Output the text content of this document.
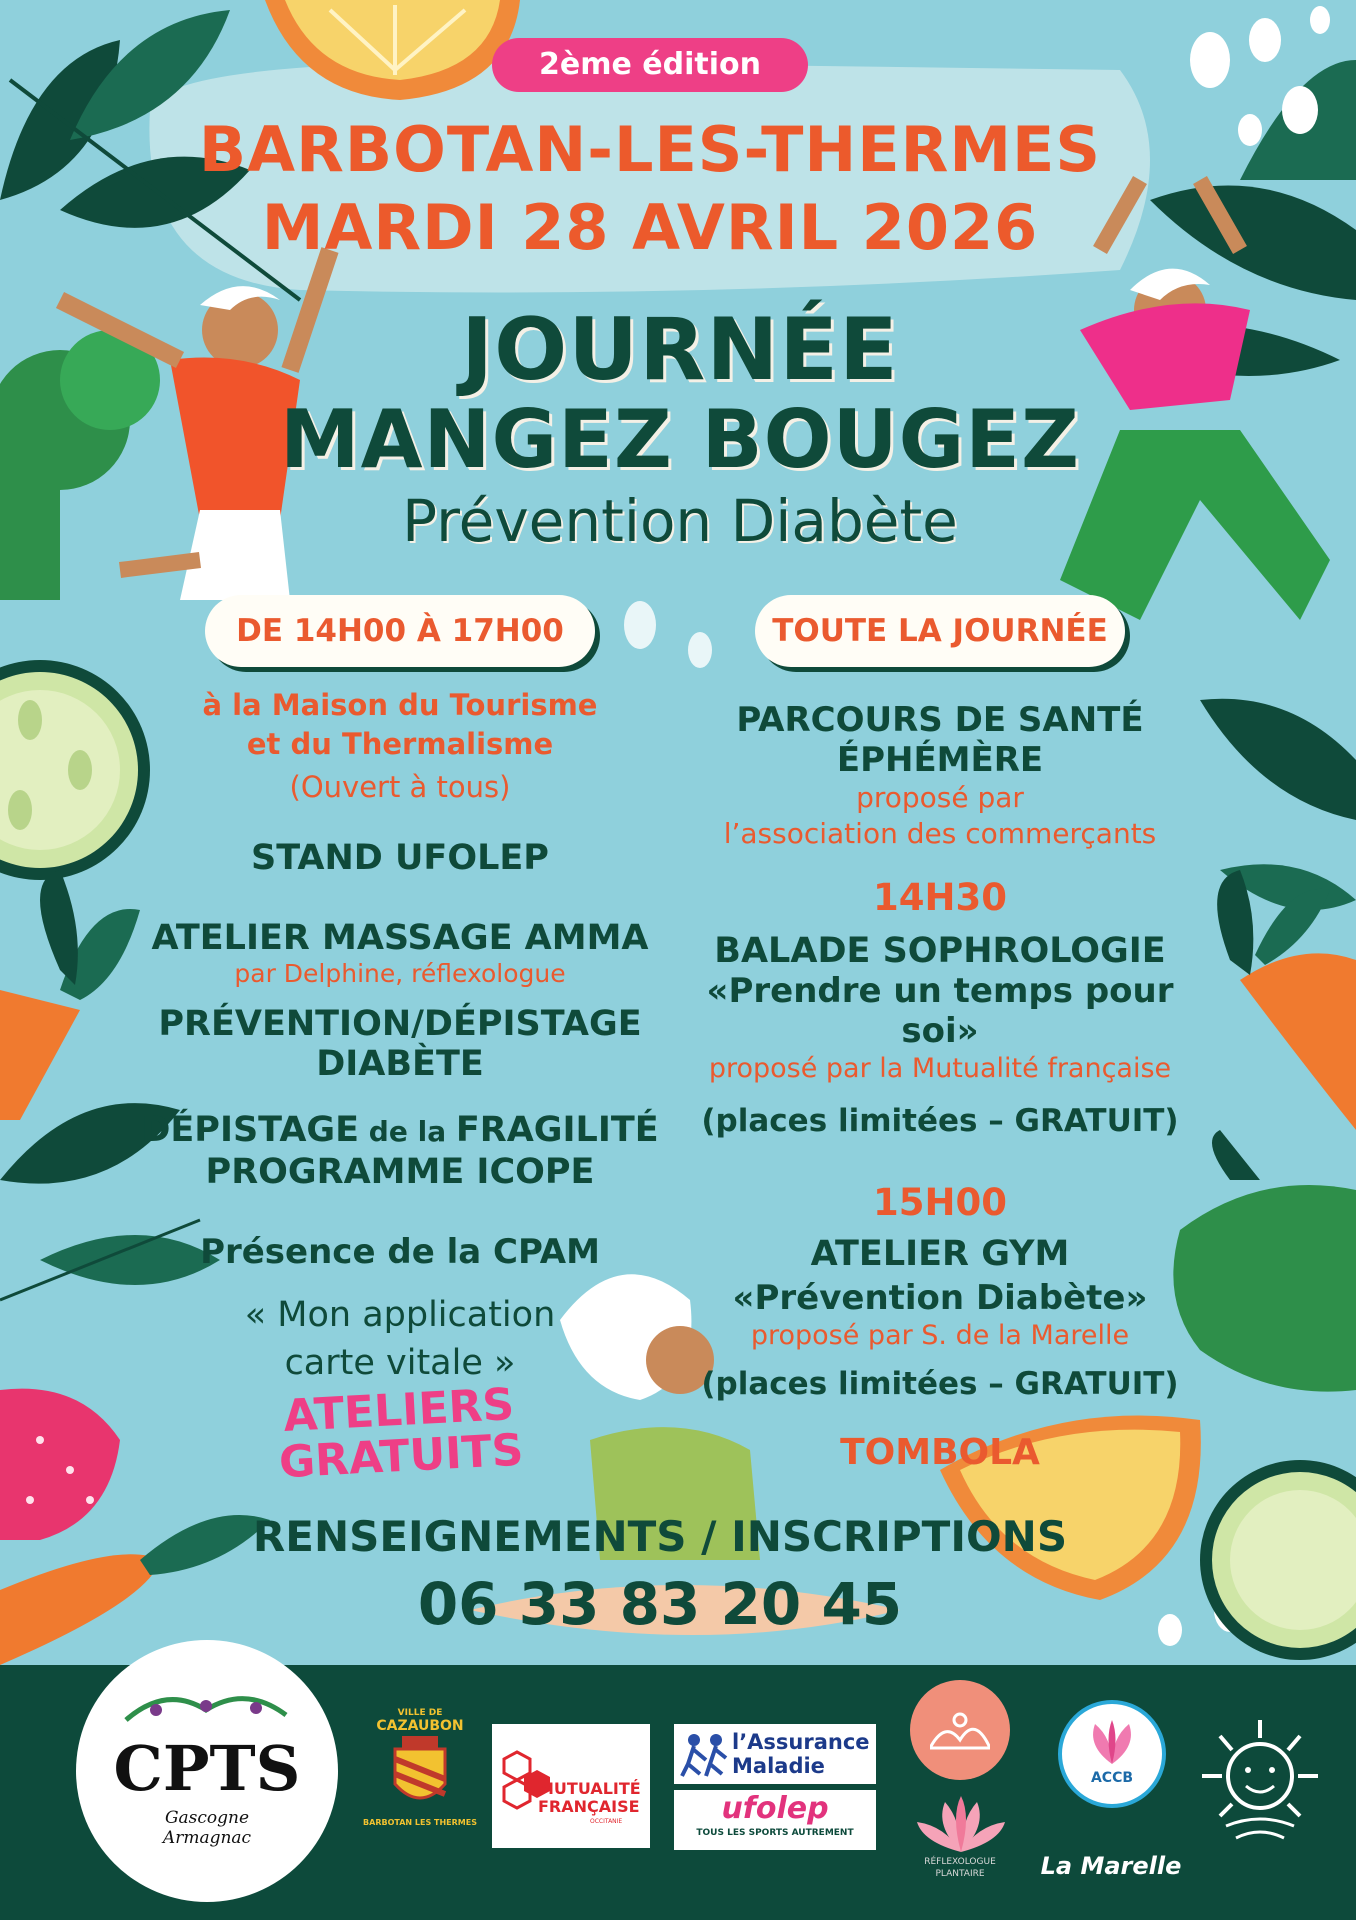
2ème édition
BARBOTAN-LES-THERMES
MARDI 28 AVRIL 2026
JOURNÉE
MANGEZ BOUGEZ
Prévention Diabète
DE 14H00 À 17H00
à la Maison du Tourisme
et du Thermalisme
(Ouvert à tous)
STAND UFOLEP
ATELIER MASSAGE AMMA
par Delphine, réflexologue
PRÉVENTION/DÉPISTAGE
DIABÈTE
DÉPISTAGE de la FRAGILITÉ
PROGRAMME ICOPE
Présence de la CPAM
« Mon application
carte vitale »
ATELIERS
GRATUITS
TOUTE LA JOURNÉE
PARCOURS DE SANTÉ
ÉPHÉMÈRE
proposé par
l’association des commerçants
14H30
BALADE SOPHROLOGIE
«Prendre un temps pour soi»
proposé par la Mutualité française
(places limitées – GRATUIT)
15H00
ATELIER GYM
«Prévention Diabète»
proposé par S. de la Marelle
(places limitées – GRATUIT)
TOMBOLA
RENSEIGNEMENTS / INSCRIPTIONS
06 33 83 20 45
CPTS
Gascogne
Armagnac
VILLE DE
CAZAUBON
BARBOTAN LES THERMES
MUTUALITÉ
FRANÇAISE
OCCITANIE
l’Assurance
Maladie
ufolep
TOUS LES SPORTS AUTREMENT
RÉFLEXOLOGUE
PLANTAIRE
ACCB
La Marelle
